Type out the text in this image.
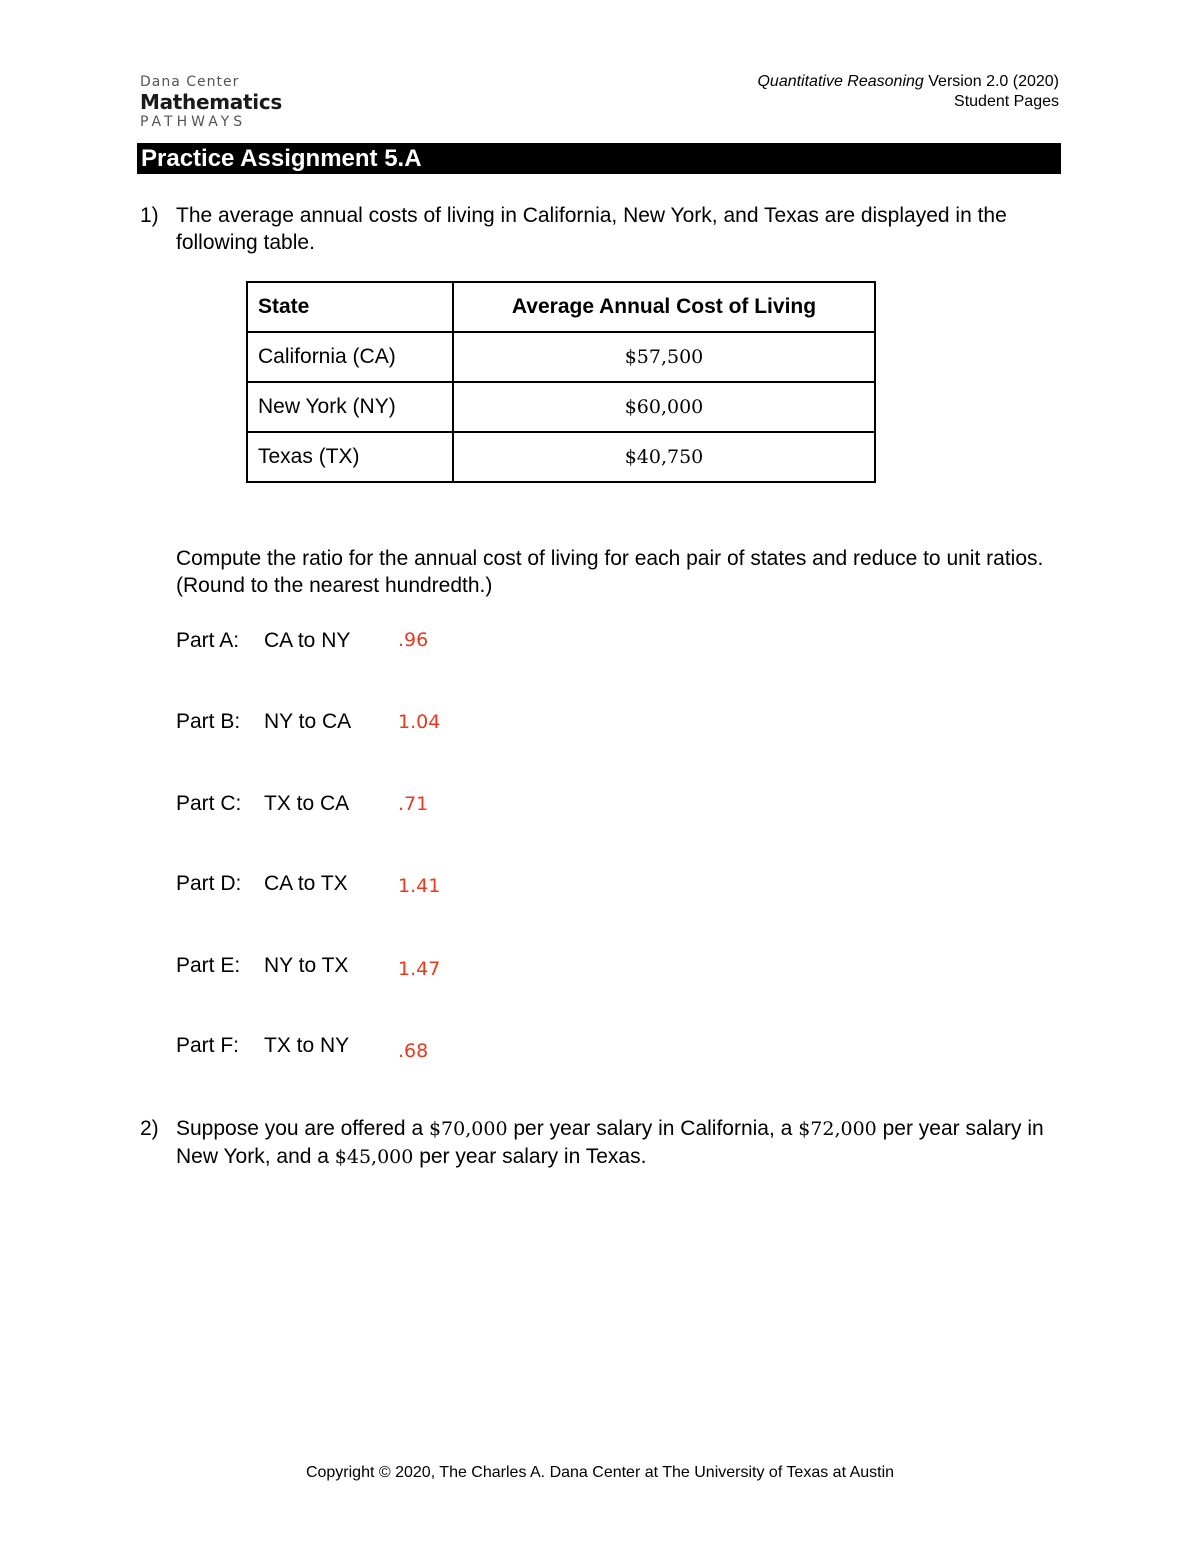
Dana Center
Mathematics
PATHWAYS
Quantitative Reasoning Version 2.0 (2020)
Student Pages
Practice Assignment 5.A
1) The average annual costs of living in California, New York, and Texas are displayed in the following table.
State	Average Annual Cost of Living
California (CA)	$57,500
New York (NY)	$60,000
Texas (TX)	$40,750
Compute the ratio for the annual cost of living for each pair of states and reduce to unit ratios. (Round to the nearest hundredth.)
Part A: CA to NY	.96
Part B: NY to CA 1.04
Part C: TX to CA	.71
Part D: CA to TX	1.41
Part E: NY to TX	1.47
Part F: TX to NY	.68
2) Suppose you are offered a $70,000 per year salary in California, a $72,000 per year salary in New York, and a $45,000 per year salary in Texas.
Copyright © 2020, The Charles A. Dana Center at The University of Texas at Austin
